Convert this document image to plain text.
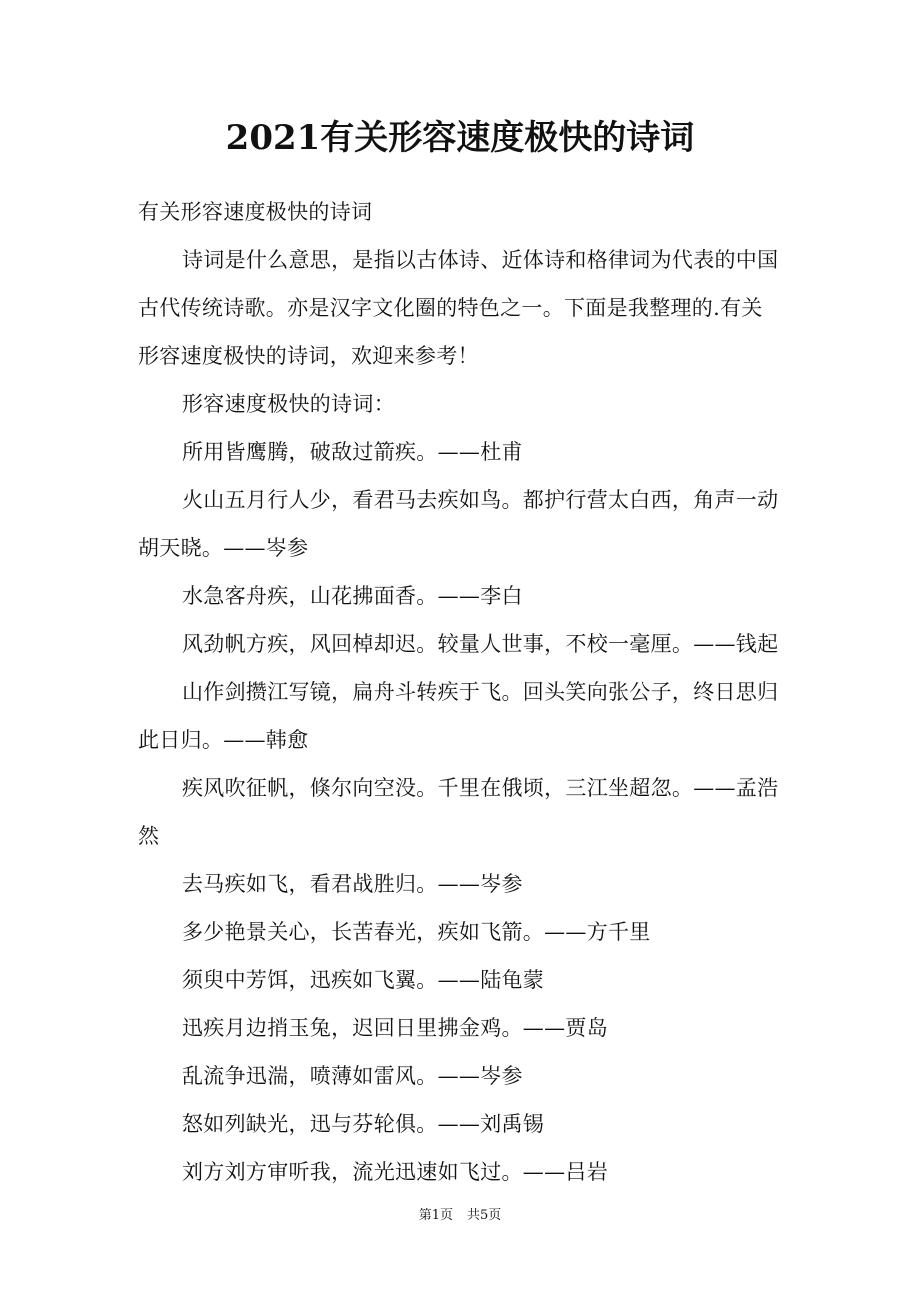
2021有关形容速度极快的诗词

有关形容速度极快的诗词

诗词是什么意思，是指以古体诗、近体诗和格律词为代表的中国古代传统诗歌。亦是汉字文化圈的特色之一。下面是我整理的.有关形容速度极快的诗词，欢迎来参考！

形容速度极快的诗词：

所用皆鹰腾，破敌过箭疾。——杜甫

火山五月行人少，看君马去疾如鸟。都护行营太白西，角声一动胡天晓。——岑参

水急客舟疾，山花拂面香。——李白

风劲帆方疾，风回棹却迟。较量人世事，不校一毫厘。——钱起

山作剑攒江写镜，扁舟斗转疾于飞。回头笑向张公子，终日思归此日归。——韩愈

疾风吹征帆，倏尔向空没。千里在俄顷，三江坐超忽。——孟浩然

去马疾如飞，看君战胜归。——岑参

多少艳景关心，长苦春光，疾如飞箭。——方千里

须臾中芳饵，迅疾如飞翼。——陆龟蒙

迅疾月边捎玉兔，迟回日里拂金鸡。——贾岛

乱流争迅湍，喷薄如雷风。——岑参

怒如列缺光，迅与芬轮俱。——刘禹锡

刘方刘方审听我，流光迅速如飞过。——吕岩

第1页 共5页
